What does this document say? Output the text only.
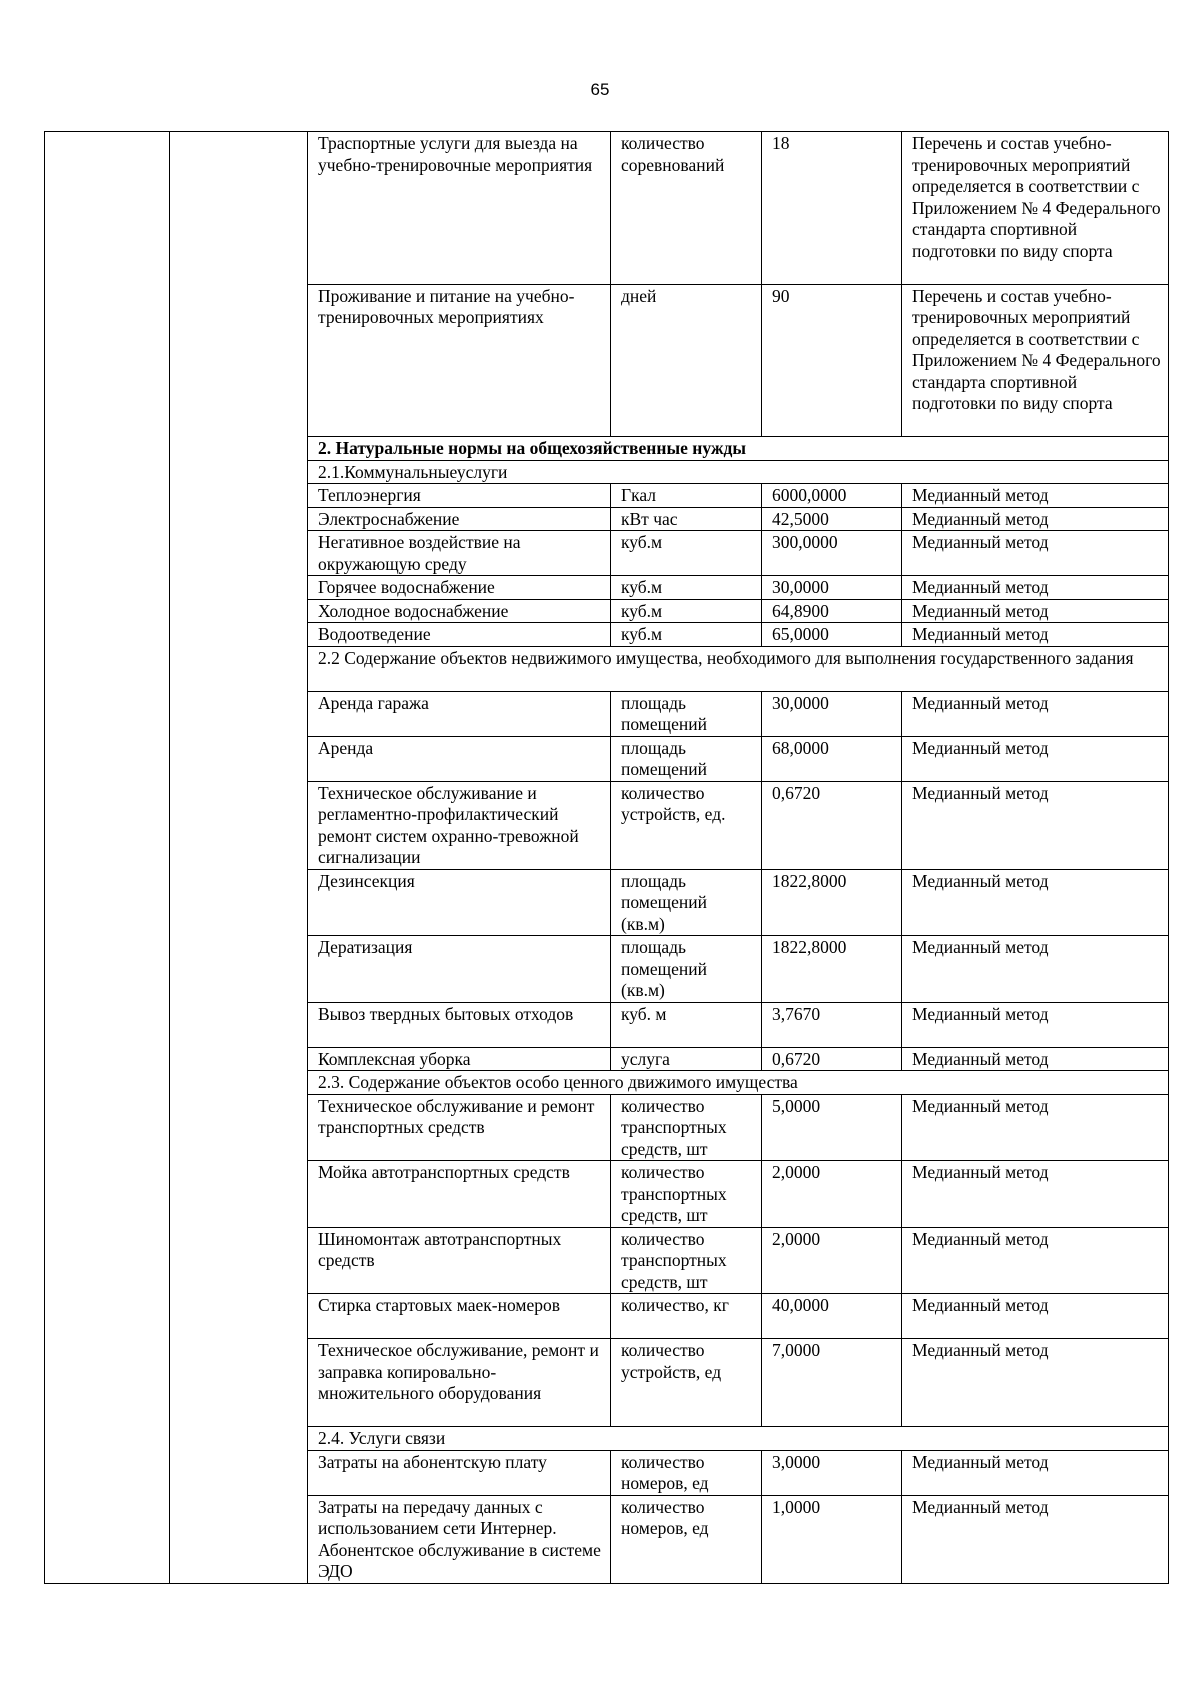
65
		Траспортные услуги для выезда на учебно-тренировочные мероприятия	количество соревнований	18	Перечень и состав учебно-тренировочных мероприятий определяется в соответствии с Приложением № 4 Федерального стандарта спортивной подготовки по виду спорта
		Проживание и питание на учебно-тренировочных мероприятиях	дней	90	Перечень и состав учебно-тренировочных мероприятий определяется в соответствии с Приложением № 4 Федерального стандарта спортивной подготовки по виду спорта
		2. Натуральные нормы на общехозяйственные нужды			
		2.1.Коммунальныеуслуги			
		Теплоэнергия	Гкал	6000,0000	Медианный метод
		Электроснабжение	кВт час	42,5000	Медианный метод
		Негативное воздействие на окружающую среду	куб.м	300,0000	Медианный метод
		Горячее водоснабжение	куб.м	30,0000	Медианный метод
		Холодное водоснабжение	куб.м	64,8900	Медианный метод
		Водоотведение	куб.м	65,0000	Медианный метод
		2.2 Содержание объектов недвижимого имущества, необходимого для выполнения государственного задания			
		Аренда гаража	площадь помещений	30,0000	Медианный метод
		Аренда	площадь помещений	68,0000	Медианный метод
		Техническое обслуживание и регламентно-профилактический ремонт систем охранно-тревожной сигнализации	количество устройств, ед.	0,6720	Медианный метод
		Дезинсекция	площадь помещений (кв.м)	1822,8000	Медианный метод
		Дератизация	площадь помещений (кв.м)	1822,8000	Медианный метод
		Вывоз твердных бытовых отходов	куб. м	3,7670	Медианный метод
		Комплексная уборка	услуга	0,6720	Медианный метод
		2.3. Содержание объектов особо ценного движимого имущества			
		Техническое обслуживание и ремонт транспортных средств	количество транспортных средств, шт	5,0000	Медианный метод
		Мойка автотранспортных средств	количество транспортных средств, шт	2,0000	Медианный метод
		Шиномонтаж автотранспортных средств	количество транспортных средств, шт	2,0000	Медианный метод
		Стирка стартовых маек-номеров	количество, кг	40,0000	Медианный метод
		Техническое обслуживание, ремонт и заправка копировально-множительного оборудования	количество устройств, ед	7,0000	Медианный метод
		2.4. Услуги связи			
		Затраты на абонентскую плату	количество номеров, ед	3,0000	Медианный метод
		Затраты на передачу данных с использованием сети Интернер. Абонентское обслуживание в системе ЭДО	количество номеров, ед	1,0000	Медианный метод
